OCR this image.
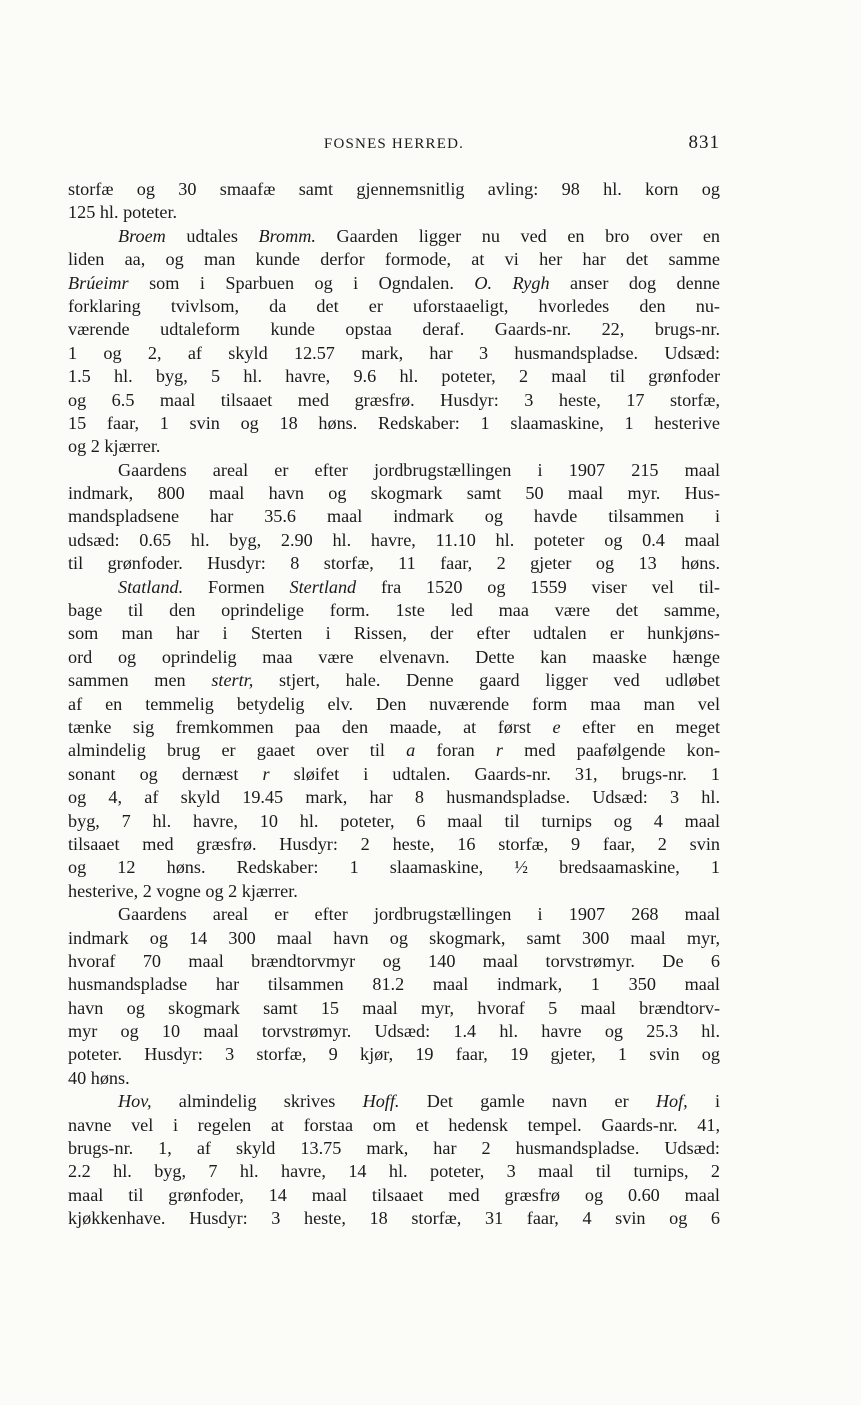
FOSNES HERRED.	831
storfæ og 30 smaafæ samt gjennemsnitlig avling: 98 hl. korn og
125 hl. poteter.
Broem udtales Bromm. Gaarden ligger nu ved en bro over en
liden aa, og man kunde derfor formode, at vi her har det samme
Brúeimr som i Sparbuen og i Ogndalen. O. Rygh anser dog denne
forklaring tvivlsom, da det er uforstaaeligt, hvorledes den nu-
værende udtaleform kunde opstaa deraf. Gaards-nr. 22, brugs-nr.
1 og 2, af skyld 12.57 mark, har 3 husmandspladse. Udsæd:
1.5 hl. byg, 5 hl. havre, 9.6 hl. poteter, 2 maal til grønfoder
og 6.5 maal tilsaaet med græsfrø. Husdyr: 3 heste, 17 storfæ,
15 faar, 1 svin og 18 høns. Redskaber: 1 slaamaskine, 1 hesterive
og 2 kjærrer.
Gaardens areal er efter jordbrugstællingen i 1907 215 maal
indmark, 800 maal havn og skogmark samt 50 maal myr. Hus-
mandspladsene har 35.6 maal indmark og havde tilsammen i
udsæd: 0.65 hl. byg, 2.90 hl. havre, 11.10 hl. poteter og 0.4 maal
til grønfoder. Husdyr: 8 storfæ, 11 faar, 2 gjeter og 13 høns.
Statland. Formen Stertland fra 1520 og 1559 viser vel til-
bage til den oprindelige form. 1ste led maa være det samme,
som man har i Sterten i Rissen, der efter udtalen er hunkjøns-
ord og oprindelig maa være elvenavn. Dette kan maaske hænge
sammen men stertr, stjert, hale. Denne gaard ligger ved udløbet
af en temmelig betydelig elv. Den nuværende form maa man vel
tænke sig fremkommen paa den maade, at først e efter en meget
almindelig brug er gaaet over til a foran r med paafølgende kon-
sonant og dernæst r sløifet i udtalen. Gaards-nr. 31, brugs-nr. 1
og 4, af skyld 19.45 mark, har 8 husmandspladse. Udsæd: 3 hl.
byg, 7 hl. havre, 10 hl. poteter, 6 maal til turnips og 4 maal
tilsaaet med græsfrø. Husdyr: 2 heste, 16 storfæ, 9 faar, 2 svin
og 12 høns. Redskaber: 1 slaamaskine, ½ bredsaamaskine, 1
hesterive, 2 vogne og 2 kjærrer.
Gaardens areal er efter jordbrugstællingen i 1907 268 maal
indmark og 14 300 maal havn og skogmark, samt 300 maal myr,
hvoraf 70 maal brændtorvmyr og 140 maal torvstrømyr. De 6
husmandspladse har tilsammen 81.2 maal indmark, 1 350 maal
havn og skogmark samt 15 maal myr, hvoraf 5 maal brændtorv-
myr og 10 maal torvstrømyr. Udsæd: 1.4 hl. havre og 25.3 hl.
poteter. Husdyr: 3 storfæ, 9 kjør, 19 faar, 19 gjeter, 1 svin og
40 høns.
Hov, almindelig skrives Hoff. Det gamle navn er Hof, i
navne vel i regelen at forstaa om et hedensk tempel. Gaards-nr. 41,
brugs-nr. 1, af skyld 13.75 mark, har 2 husmandspladse. Udsæd:
2.2 hl. byg, 7 hl. havre, 14 hl. poteter, 3 maal til turnips, 2
maal til grønfoder, 14 maal tilsaaet med græsfrø og 0.60 maal
kjøkkenhave. Husdyr: 3 heste, 18 storfæ, 31 faar, 4 svin og 6
